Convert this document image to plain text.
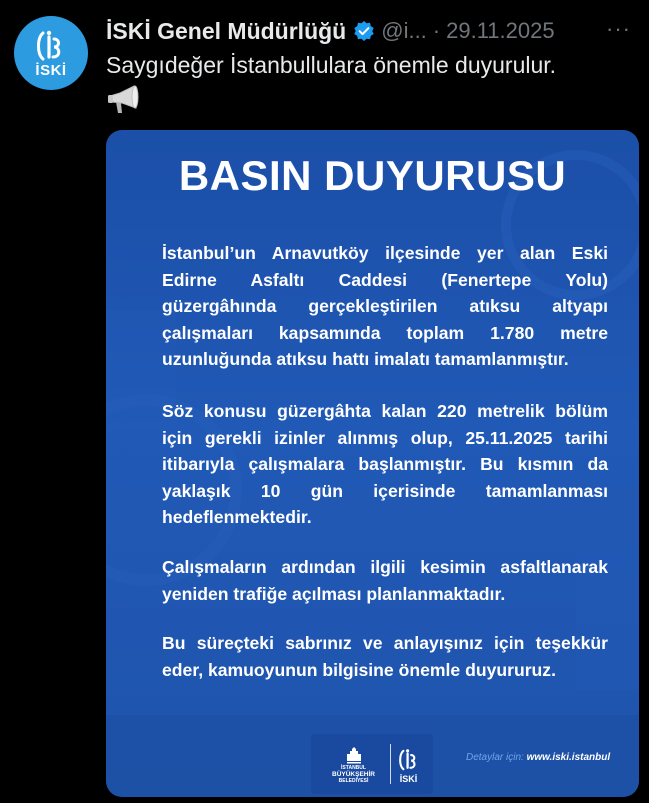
İSKİ
İSKİ Genel Müdürlüğü @i... · 29.11.2025 ···
Saygıdeğer İstanbullulara önemle duyurulur.
BASIN DUYURUSU
İstanbul’un Arnavutköy ilçesinde yer alan Eski Edirne Asfaltı Caddesi (Fenertepe Yolu) güzergâhında gerçekleştirilen atıksu altyapı çalışmaları kapsamında toplam 1.780 metre uzunluğunda atıksu hattı imalatı tamamlanmıştır.
Söz konusu güzergâhta kalan 220 metrelik bölüm için gerekli izinler alınmış olup, 25.11.2025 tarihi itibarıyla çalışmalara başlanmıştır. Bu kısmın da yaklaşık 10 gün içerisinde tamamlanması hedeflenmektedir.
Çalışmaların ardından ilgili kesimin asfaltlanarak yeniden trafiğe açılması planlanmaktadır.
Bu süreçteki sabrınız ve anlayışınız için teşekkür eder, kamuoyunun bilgisine önemle duyururuz.
İSTANBUL
BÜYÜKŞEHİR
BELEDİYESİ	İSKİ
Detaylar için: www.iski.istanbul
